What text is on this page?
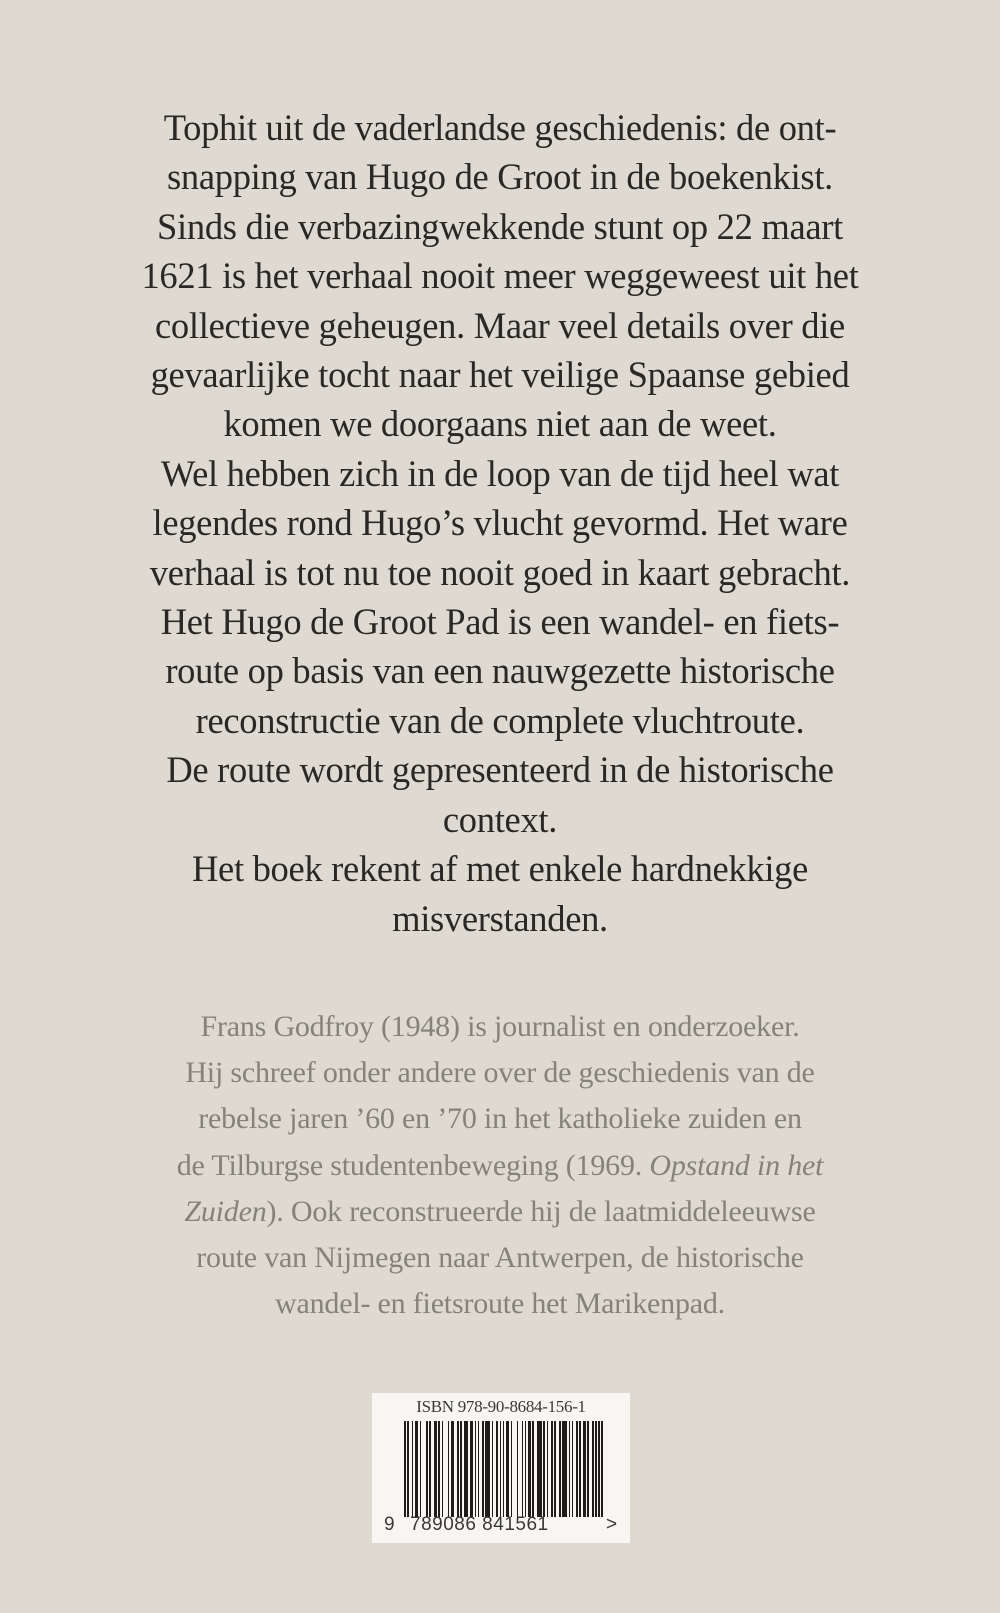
Tophit uit de vaderlandse geschiedenis: de ont-
snapping van Hugo de Groot in de boekenkist.
Sinds die verbazingwekkende stunt op 22 maart
1621 is het verhaal nooit meer weggeweest uit het
collectieve geheugen. Maar veel details over die
gevaarlijke tocht naar het veilige Spaanse gebied
komen we doorgaans niet aan de weet.
Wel hebben zich in de loop van de tijd heel wat
legendes rond Hugo’s vlucht gevormd. Het ware
verhaal is tot nu toe nooit goed in kaart gebracht.
Het Hugo de Groot Pad is een wandel- en fiets-
route op basis van een nauwgezette historische
reconstructie van de complete vluchtroute.
De route wordt gepresenteerd in de historische
context.
Het boek rekent af met enkele hardnekkige
misverstanden.
Frans Godfroy (1948) is journalist en onderzoeker.
Hij schreef onder andere over de geschiedenis van de
rebelse jaren ’60 en ’70 in het katholieke zuiden en
de Tilburgse studentenbeweging (1969. Opstand in het
Zuiden). Ook reconstrueerde hij de laatmiddeleeuwse
route van Nijmegen naar Antwerpen, de historische
wandel- en fietsroute het Marikenpad.
ISBN 978-90-8684-156-1
9 789086 841561	>
